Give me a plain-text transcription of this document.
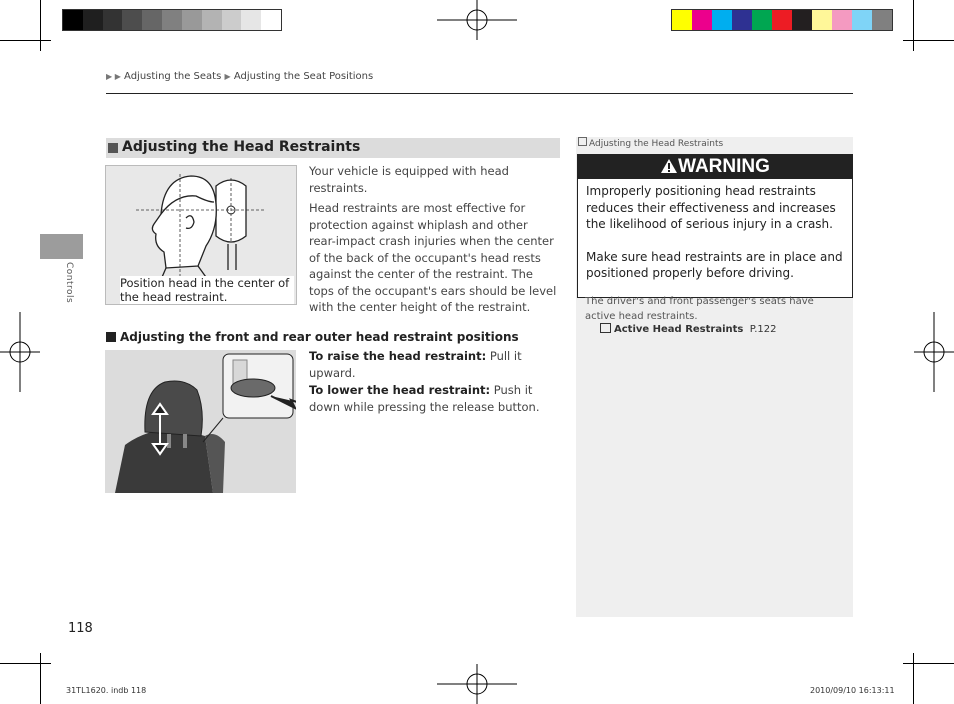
▶ ▶ Adjusting the Seats ▶ Adjusting the Seat Positions
Controls
Adjusting the Head Restraints
Position head in the center of the head restraint.
Your vehicle is equipped with head restraints.
Head restraints are most effective for protection against whiplash and other rear-impact crash injuries when the center of the back of the occupant's head rests against the center of the restraint. The tops of the occupant's ears should be level with the center height of the restraint.
Adjusting the front and rear outer head restraint positions
To raise the head restraint: Pull it upward.
To lower the head restraint: Push it down while pressing the release button.
Adjusting the Head Restraints
WARNING
Improperly positioning head restraints reduces their effectiveness and increases the likelihood of serious injury in a crash.
Make sure head restraints are in place and positioned properly before driving.
The driver's and front passenger's seats have active head restraints.
Active Head Restraints P.122
118
31TL1620. indb 118	2010/09/10 16:13:11
